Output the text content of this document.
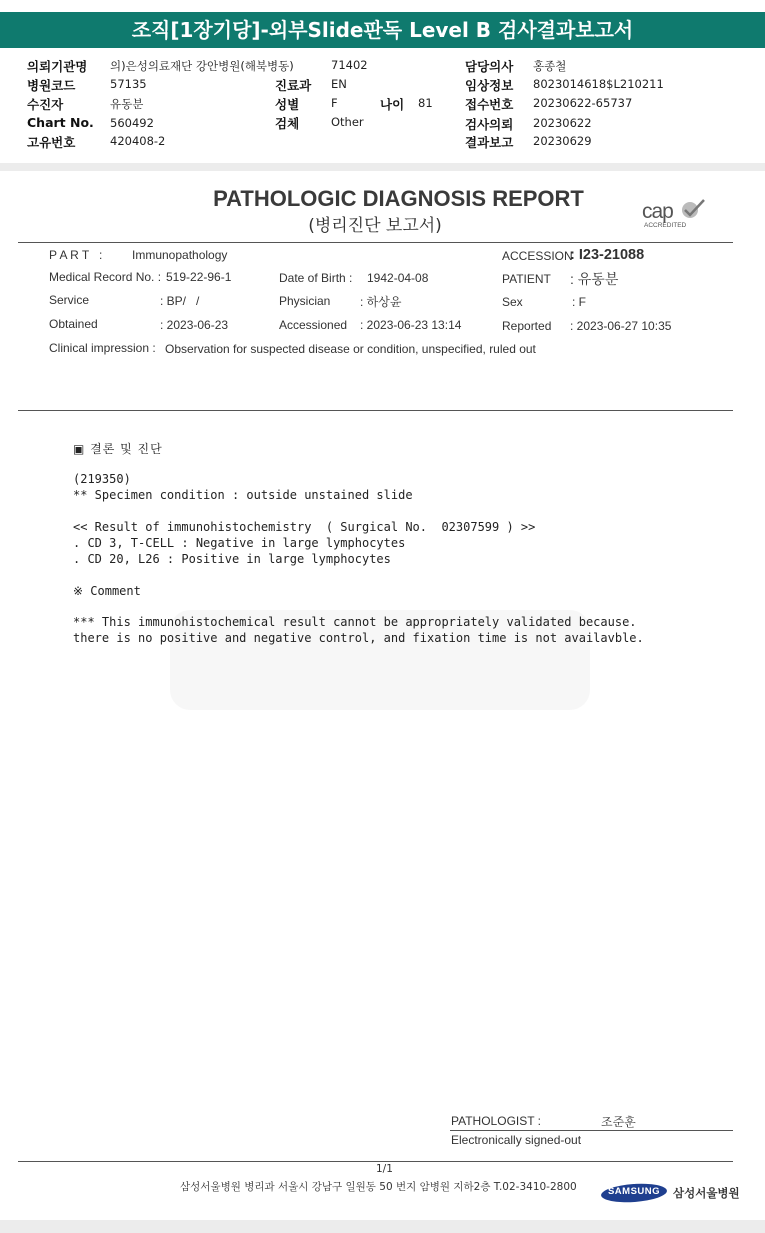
조직[1장기당]-외부Slide판독 Level B 검사결과보고서
의뢰기관명 의)은성의료재단 강안병원(해북병동)	71402
병원코드	57135	진료과 EN
수진자	유동분	성별	F	나이 81
Chart No. 560492	검체	Other
고유번호	420408-2
담당의사 홍종철
임상정보 8023014618$L210211
접수번호 20230622-65737
검사의뢰 20230622
결과보고 20230629
PATHOLOGIC DIAGNOSIS REPORT
(병리진단 보고서)
cap
ACCREDITED
P A R T   : Immunopathology	ACCESSION
: I23-21088
Medical Record No. : 519-22-96-1	Date of Birth : 1942-04-08	PATIENT : 유동분
Service	: BP/   /	Physician : 하상윤	Sex	: F
Obtained	: 2023-06-23	Accessioned : 2023-06-23 13:14	Reported : 2023-06-27 10:35
Clinical impression : Observation for suspected disease or condition, unspecified, ruled out
▣ 결론 및 진단
(219350)
** Specimen condition : outside unstained slide
<< Result of immunohistochemistry  ( Surgical No.  02307599 ) >>
. CD 3, T-CELL : Negative in large lymphocytes
. CD 20, L26 : Positive in large lymphocytes
※ Comment
*** This immunohistochemical result cannot be appropriately validated because.
there is no positive and negative control, and fixation time is not availavble.
PATHOLOGIST :	조준훈
Electronically signed-out
1/1
삼성서울병원 병리과 서울시 강남구 일원동 50 번지 암병원 지하2층 T.02-3410-2800	SAMSUNG	삼성서울병원
